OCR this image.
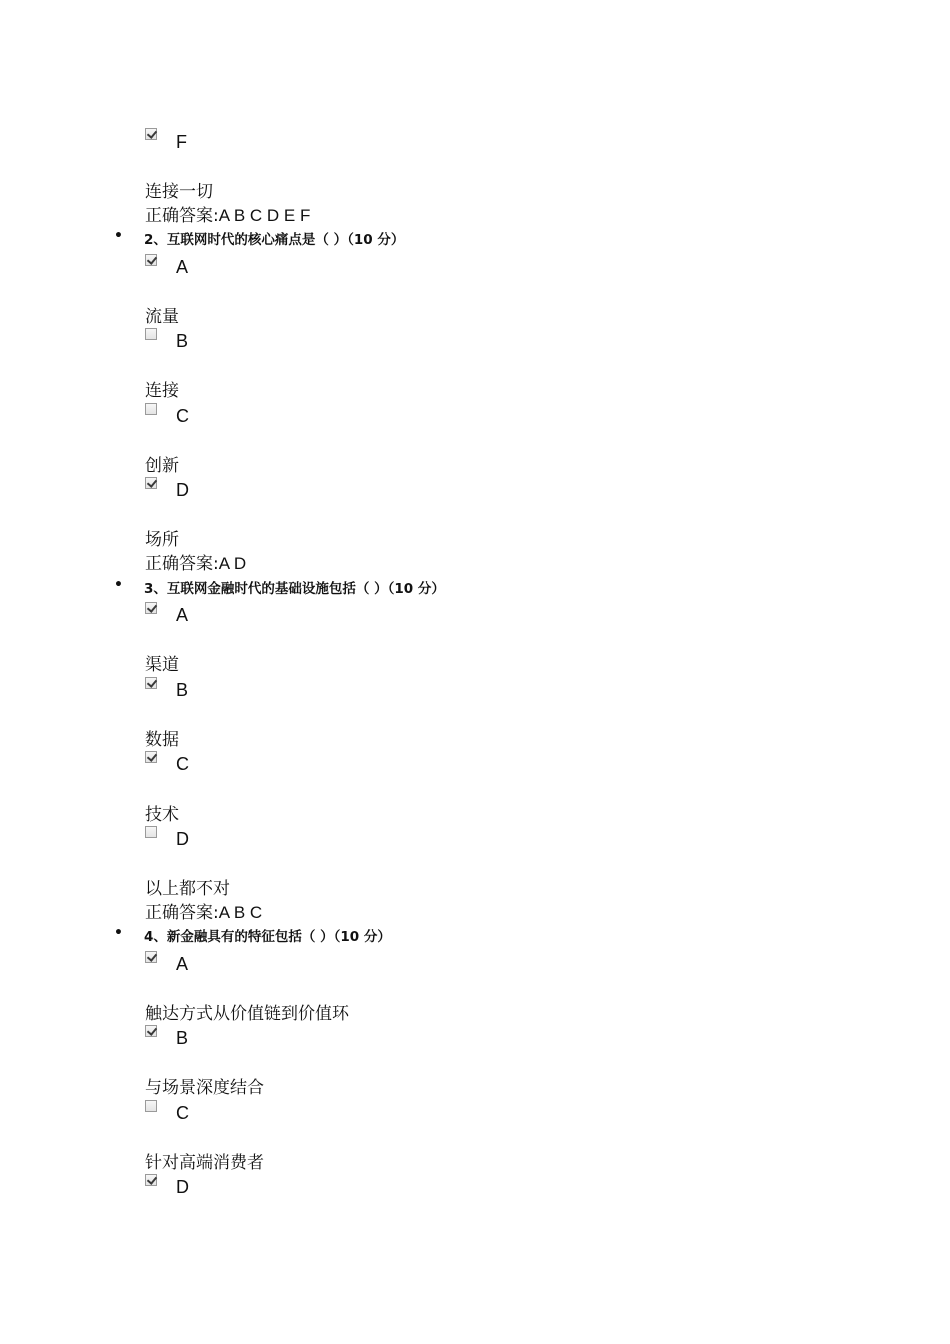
F
连接一切
正确答案:A B C D E F
• 2、互联网时代的核心痛点是（ ）（10 分）
A
流量
B
连接
C
创新
D
场所
正确答案:A D
• 3、互联网金融时代的基础设施包括（ ）（10 分）
A
渠道
B
数据
C
技术
D
以上都不对
正确答案:A B C
• 4、新金融具有的特征包括（ ）（10 分）
A
触达方式从价值链到价值环
B
与场景深度结合
C
针对高端消费者
D
